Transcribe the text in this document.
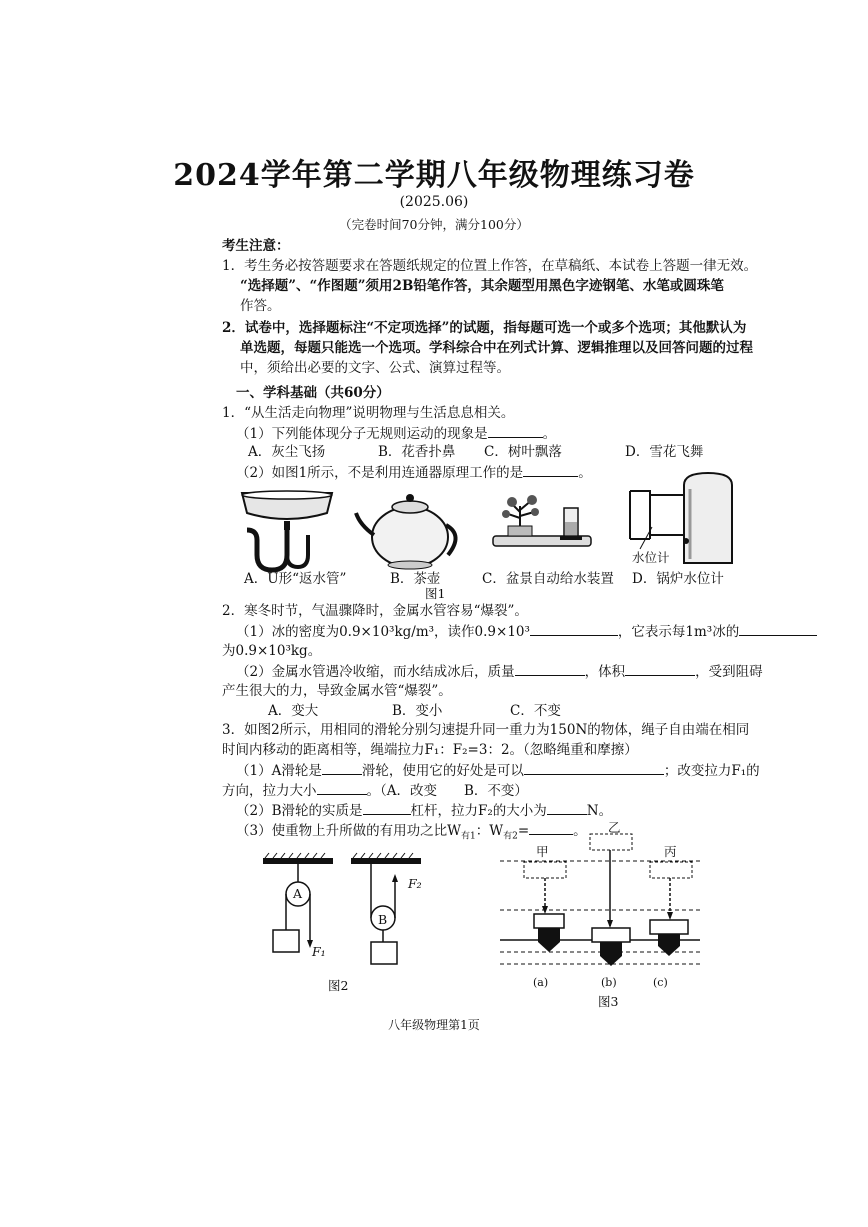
2024学年第二学期八年级物理练习卷
(2025.06)
（完卷时间70分钟，满分100分）
考生注意：
1．考生务必按答题要求在答题纸规定的位置上作答，在草稿纸、本试卷上答题一律无效。
“选择题”、“作图题”须用2B铅笔作答，其余题型用黑色字迹钢笔、水笔或圆珠笔
作答。
2．试卷中，选择题标注“不定项选择”的试题，指每题可选一个或多个选项；其他默认为
单选题，每题只能选一个选项。学科综合中在列式计算、逻辑推理以及回答问题的过程
中，须给出必要的文字、公式、演算过程等。
一、学科基础（共60分）
1．“从生活走向物理”说明物理与生活息息相关。
（1）下列能体现分子无规则运动的现象是	。
A．灰尘飞扬	B．花香扑鼻 C．树叶飘落	D．雪花飞舞
（2）如图1所示，不是利用连通器原理工作的是	。
水位计
A．U形“返水管”	B．茶壶	C．盆景自动给水装置 D．锅炉水位计
图1
2．寒冬时节，气温骤降时，金属水管容易“爆裂”。
（1）冰的密度为0.9×10³kg/m³，读作0.9×10³	，它表示每1m³冰的
为0.9×10³kg。
（2）金属水管遇冷收缩，而水结成冰后，质量	，体积	，受到阻碍
产生很大的力，导致金属水管“爆裂”。
A．变大	B．变小	C．不变
3．如图2所示，用相同的滑轮分别匀速提升同一重力为150N的物体，绳子自由端在相同
时间内移动的距离相等，绳端拉力F₁：F₂=3：2。（忽略绳重和摩擦）
（1）A滑轮是	滑轮，使用它的好处是可以	；改变拉力F₁的
方向，拉力大小	。（A．改变　　B．不变）
（2）B滑轮的实质是	杠杆，拉力F₂的大小为	N。
（3）使重物上升所做的有用功之比$W_{有1}$：$W_{有2}=$	。
A
B
F₁
F₂
图2
甲
乙
丙
(a)	(b)	(c)
图3
八年级物理第1页
